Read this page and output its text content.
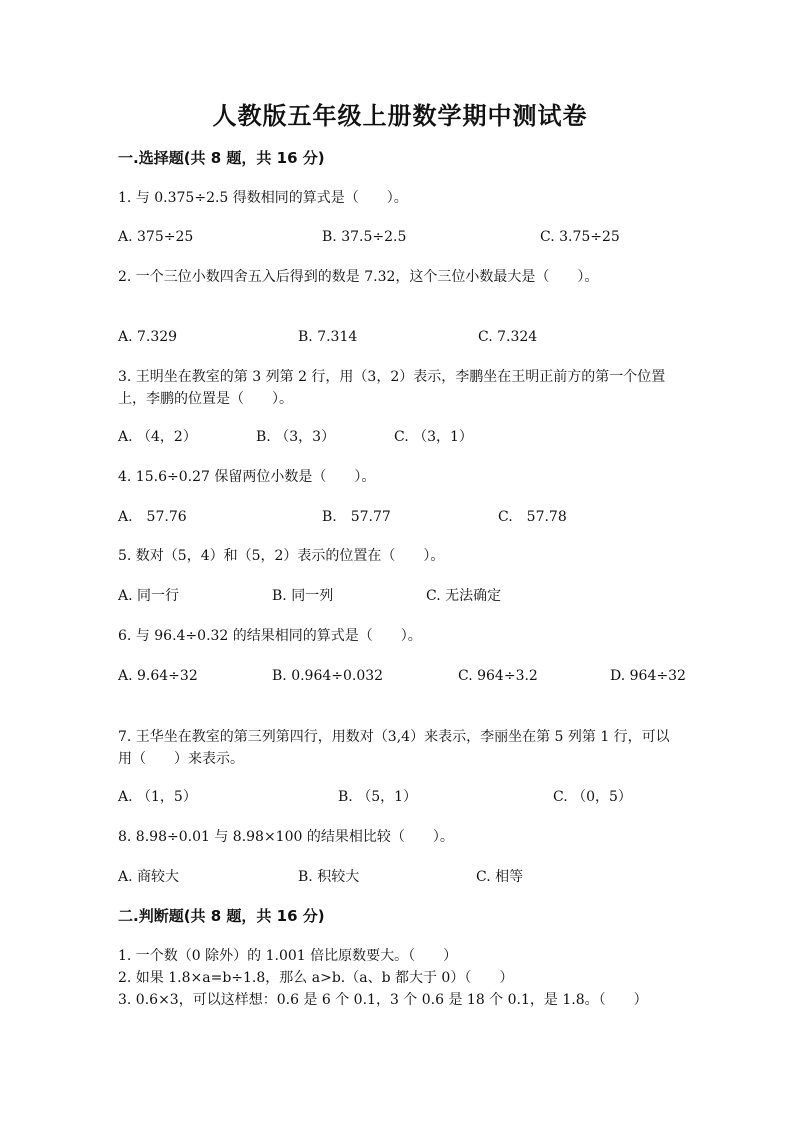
人教版五年级上册数学期中测试卷
一.选择题(共 8 题，共 16 分)
1. 与 0.375÷2.5 得数相同的算式是（　　）。
A. 375÷25	B. 37.5÷2.5	C. 3.75÷25
2. 一个三位小数四舍五入后得到的数是 7.32，这个三位小数最大是（　　）。
A. 7.329	B. 7.314	C. 7.324
3. 王明坐在教室的第 3 列第 2 行，用（3，2）表示，李鹏坐在王明正前方的第一个位置上，李鹏的位置是（　　）。
A. （4，2）	B. （3，3）	C. （3，1）
4. 15.6÷0.27 保留两位小数是（　　）。
A.　57.76	B.　57.77	C.　57.78
5. 数对（5，4）和（5，2）表示的位置在（　　）。
A. 同一行	B. 同一列	C. 无法确定
6. 与 96.4÷0.32 的结果相同的算式是（　　）。
A. 9.64÷32	B. 0.964÷0.032	C. 964÷3.2	D. 964÷32
7. 王华坐在教室的第三列第四行，用数对（3,4）来表示，李丽坐在第 5 列第 1 行，可以用（　　）来表示。
A. （1，5）	B. （5，1）	C. （0，5）
8. 8.98÷0.01 与 8.98×100 的结果相比较（　　）。
A. 商较大	B. 积较大	C. 相等
二.判断题(共 8 题，共 16 分)
1. 一个数（0 除外）的 1.001 倍比原数要大。（　　）
2. 如果 1.8×a=b÷1.8，那么 a>b.（a、b 都大于 0）（　　）
3. 0.6×3，可以这样想：0.6 是 6 个 0.1，3 个 0.6 是 18 个 0.1，是 1.8。（　　）
